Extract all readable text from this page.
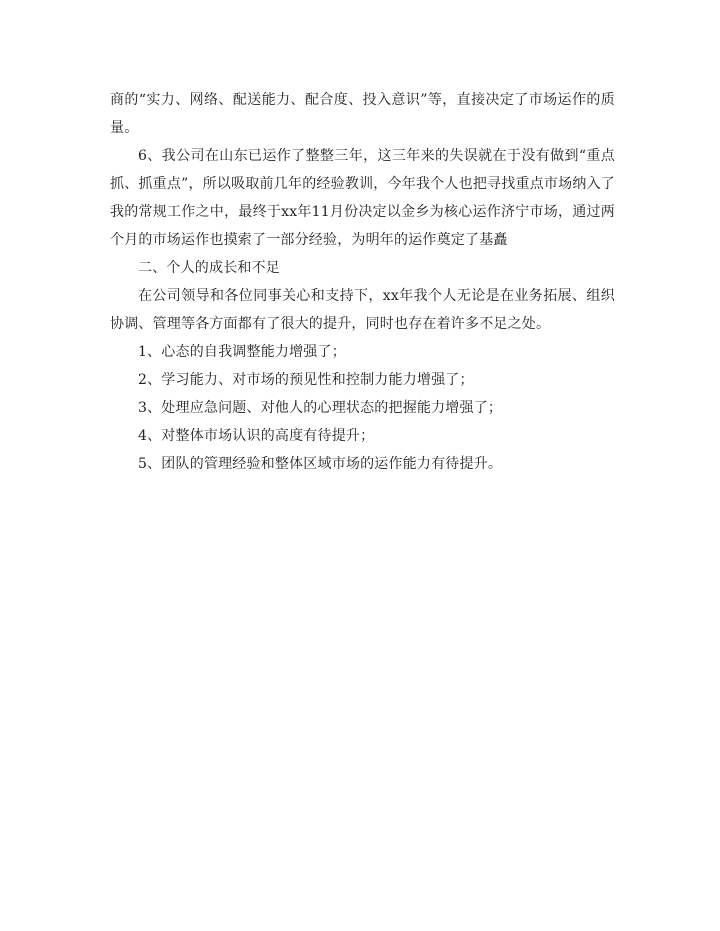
商的“实力、网络、配送能力、配合度、投入意识”等，直接决定了市场运作的质量。

6、我公司在山东已运作了整整三年，这三年来的失误就在于没有做到“重点抓、抓重点”，所以吸取前几年的经验教训，今年我个人也把寻找重点市场纳入了我的常规工作之中，最终于xx年11月份决定以金乡为核心运作济宁市场，通过两个月的市场运作也摸索了一部分经验，为明年的运作奠定了基矗

二、个人的成长和不足

在公司领导和各位同事关心和支持下，xx年我个人无论是在业务拓展、组织协调、管理等各方面都有了很大的提升，同时也存在着许多不足之处。

1、心态的自我调整能力增强了；

2、学习能力、对市场的预见性和控制力能力增强了；

3、处理应急问题、对他人的心理状态的把握能力增强了；

4、对整体市场认识的高度有待提升；

5、团队的管理经验和整体区域市场的运作能力有待提升。
